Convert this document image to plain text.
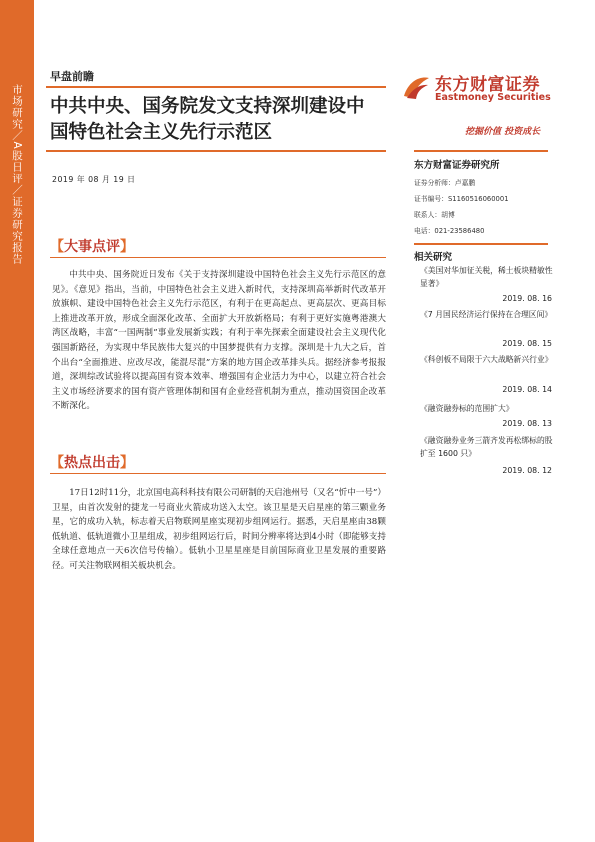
市场研究／A股日评／证券研究报告
早盘前瞻
中共中央、国务院发文支持深圳建设中
国特色社会主义先行示范区
2019 年 08 月 19 日
【大事点评】
中共中央、国务院近日发布《关于支持深圳建设中国特色社会主义先行示范区的意见》。《意见》指出，当前，中国特色社会主义进入新时代，支持深圳高举新时代改革开放旗帜、建设中国特色社会主义先行示范区，有利于在更高起点、更高层次、更高目标上推进改革开放，形成全面深化改革、全面扩大开放新格局；有利于更好实施粤港澳大湾区战略，丰富“一国两制”事业发展新实践；有利于率先探索全面建设社会主义现代化强国新路径，为实现中华民族伟大复兴的中国梦提供有力支撑。深圳是十九大之后，首个出台“全面推进、应改尽改，能混尽混”方案的地方国企改革排头兵。据经济参考报报道，深圳综改试验将以提高国有资本效率、增强国有企业活力为中心，以建立符合社会主义市场经济要求的国有资产管理体制和国有企业经营机制为重点，推动国资国企改革不断深化。
【热点出击】
17日12时11分，北京国电高科科技有限公司研制的天启池州号（又名“忻中一号”）卫星，由首次发射的捷龙一号商业火箭成功送入太空。该卫星是天启星座的第三颗业务星，它的成功入轨，标志着天启物联网星座实现初步组网运行。据悉，天启星座由38颗低轨道、低轨道微小卫星组成，初步组网运行后，时间分辨率将达到4小时（即能够支持全球任意地点一天6次信号传输）。低轨小卫星星座是目前国际商业卫星发展的重要路径。可关注物联网相关板块机会。
东方财富证券
Eastmoney Securities
挖掘价值 投资成长
东方财富证券研究所
证券分析师：卢嘉鹏
证书编号：S1160516060001
联系人：胡博
电话：021-23586480
相关研究
《美国对华加征关税，稀土板块精敏性显著》
2019. 08. 16
《7 月国民经济运行保持在合理区间》
2019. 08. 15
《科创板不局限于六大战略新兴行业》
2019. 08. 14
《融资融券标的范围扩大》
2019. 08. 13
《融资融券业务三箭齐发再松绑标的股扩至 1600 只》
2019. 08. 12
